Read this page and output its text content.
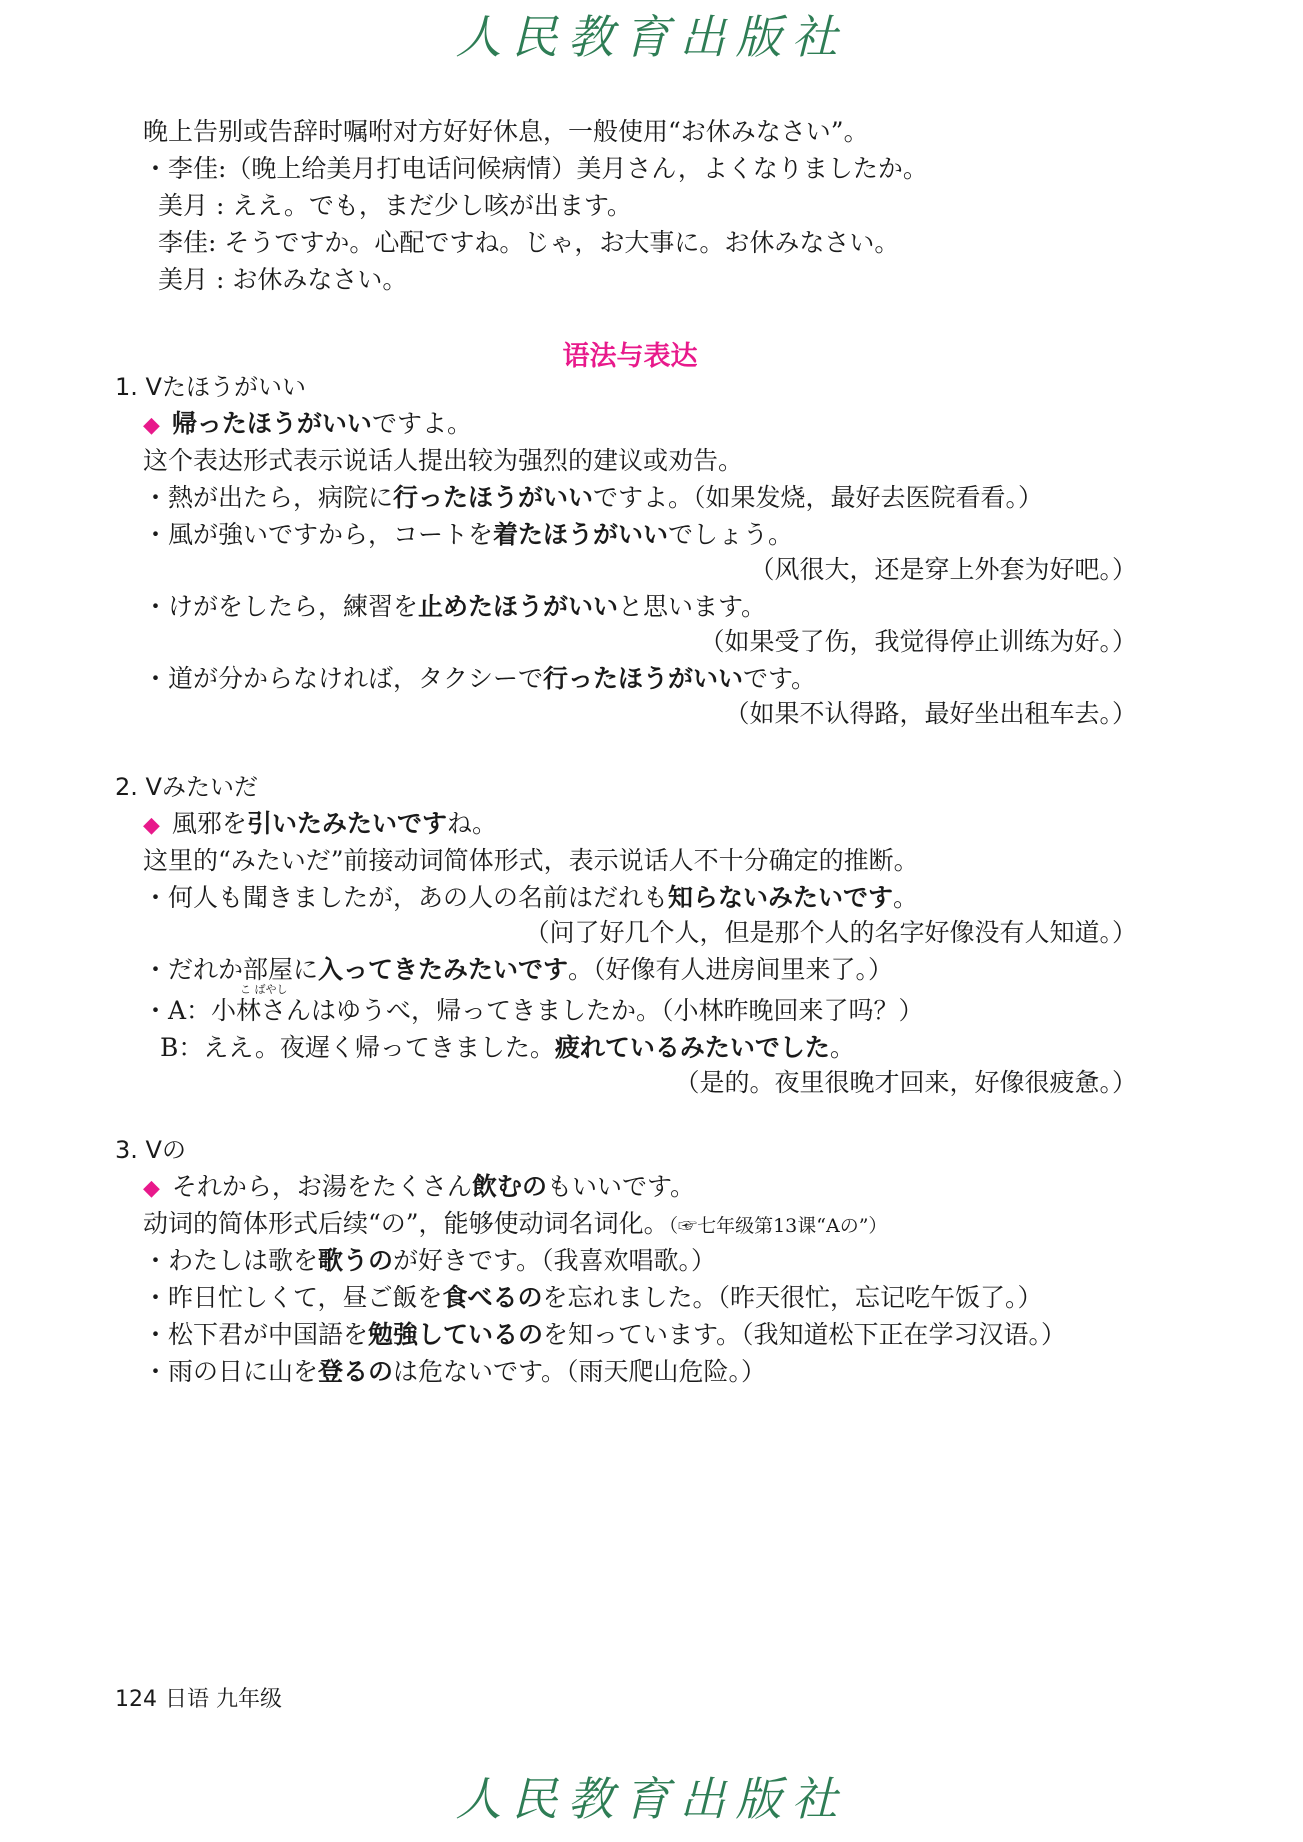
人民教育出版社
晚上告别或告辞时嘱咐对方好好休息，一般使用“お休みなさい”。
・李佳:（晚上给美月打电话问候病情）美月さん，よくなりましたか。
美月 : ええ。でも，まだ少し咳が出ます。
李佳: そうですか。心配ですね。じゃ，お大事に。お休みなさい。
美月 : お休みなさい。
语法与表达
1. Vたほうがいい
◆ 帰ったほうがいいですよ。
这个表达形式表示说话人提出较为强烈的建议或劝告。
・熱が出たら，病院に行ったほうがいいですよ。（如果发烧，最好去医院看看。）
・風が強いですから，コートを着たほうがいいでしょう。
（风很大，还是穿上外套为好吧。）
・けがをしたら，練習を止めたほうがいいと思います。
（如果受了伤，我觉得停止训练为好。）
・道が分からなければ，タクシーで行ったほうがいいです。
（如果不认得路，最好坐出租车去。）
2. Vみたいだ
◆ 風邪を引いたみたいですね。
这里的“みたいだ”前接动词简体形式，表示说话人不十分确定的推断。
・何人も聞きましたが，あの人の名前はだれも知らないみたいです。
（问了好几个人，但是那个人的名字好像没有人知道。）
・だれか部屋に入ってきたみたいです。（好像有人进房间里来了。）
こ ばやし
・A：小林さんはゆうべ，帰ってきましたか。（小林昨晚回来了吗？）
B：ええ。夜遅く帰ってきました。疲れているみたいでした。
（是的。夜里很晚才回来，好像很疲惫。）
3. Vの
◆ それから，お湯をたくさん飲むのもいいです。
动词的简体形式后续“の”，能够使动词名词化。（☞七年级第13课“Aの”）
・わたしは歌を歌うのが好きです。（我喜欢唱歌。）
・昨日忙しくて，昼ご飯を食べるのを忘れました。（昨天很忙，忘记吃午饭了。）
・松下君が中国語を勉強しているのを知っています。（我知道松下正在学习汉语。）
・雨の日に山を登るのは危ないです。（雨天爬山危险。）
124 日语 九年级
人民教育出版社
